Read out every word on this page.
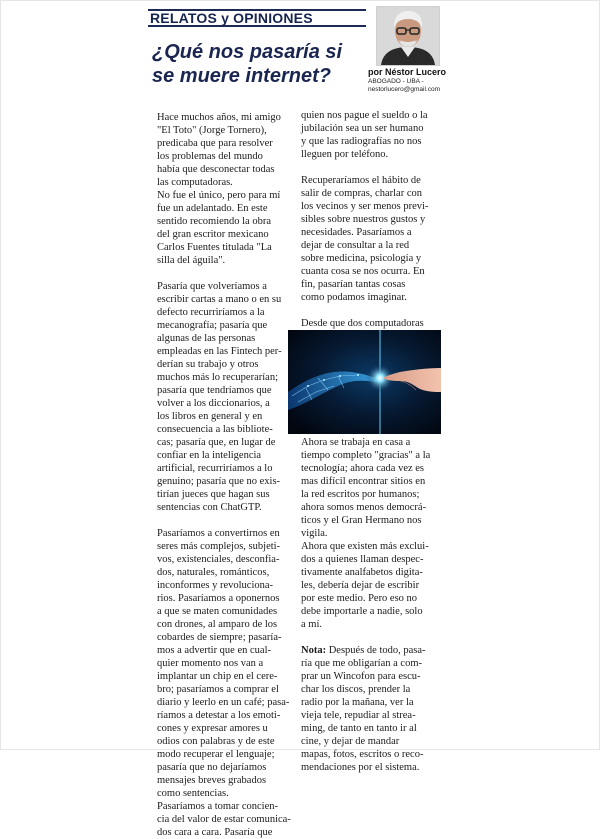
RELATOS y OPINIONES
¿Qué nos pasaría si
se muere internet?	por Néstor Lucero
ABOGADO - UBA -
nestorlucero@gmail.com

Hace muchos años, mi amigo
"El Toto" (Jorge Tornero),
predicaba que para resolver
los problemas del mundo
había que desconectar todas
las computadoras.
No fue el único, pero para mí
fue un adelantado. En este
sentido recomiendo la obra
del gran escritor mexicano
Carlos Fuentes titulada "La
silla del águila".

Pasaría que volveríamos a
escribir cartas a mano o en su
defecto recurriríamos a la
mecanografía; pasaría que
algunas de las personas
empleadas en las Fintech per-
derían su trabajo y otros
muchos más lo recuperarían;
pasaría que tendríamos que
volver a los diccionarios, a
los libros en general y en
consecuencia a las bibliote-
cas; pasaría que, en lugar de
confiar en la inteligencia
artificial, recurriríamos a lo
genuino; pasaría que no exis-
tirían jueces que hagan sus
sentencias con ChatGTP.

Pasaríamos a convertirnos en
seres más complejos, subjeti-
vos, existenciales, desconfia-
dos, naturales, románticos,
inconformes y revoluciona-
rios. Pasaríamos a oponernos
a que se maten comunidades
con drones, al amparo de los
cobardes de siempre; pasaría-
mos a advertir que en cual-
quier momento nos van a
implantar un chip en el cere-
bro; pasaríamos a comprar el
diario y leerlo en un café; pasa-
ríamos a detestar a los emoti-
cones y expresar amores u
odios con palabras y de este
modo recuperar el lenguaje;
pasaría que no dejaríamos
mensajes breves grabados
como sentencias.
Pasaríamos a tomar concien-
cia del valor de estar comunica-
dos cara a cara. Pasaría que

quien nos pague el sueldo o la
jubilación sea un ser humano
y que las radiografías no nos
lleguen por teléfono.

Recuperaríamos el hábito de
salir de compras, charlar con
los vecinos y ser menos previ-
sibles sobre nuestros gustos y
necesidades. Pasaríamos a
dejar de consultar a la red
sobre medicina, psicología y
cuanta cosa se nos ocurra. En
fin, pasarían tantas cosas
como podamos imaginar.

Desde que dos computadoras

Ahora se trabaja en casa a
tiempo completo "gracias" a la
tecnología; ahora cada vez es
mas difícil encontrar sitios en
la red escritos por humanos;
ahora somos menos democrá-
ticos y el Gran Hermano nos
vigila.
Ahora que existen más exclui-
dos a quienes llaman despec-
tivamente analfabetos digita-
les, debería dejar de escribir
por este medio. Pero eso no
debe importarle a nadie, solo
a mí.

Nota: Después de todo, pasa-
ría que me obligarían a com-
prar un Wincofon para escu-
char los discos, prender la
radio por la mañana, ver la
vieja tele, repudiar al strea-
ming, de tanto en tanto ir al
cine, y dejar de mandar
mapas, fotos, escritos o reco-
mendaciones por el sistema.
